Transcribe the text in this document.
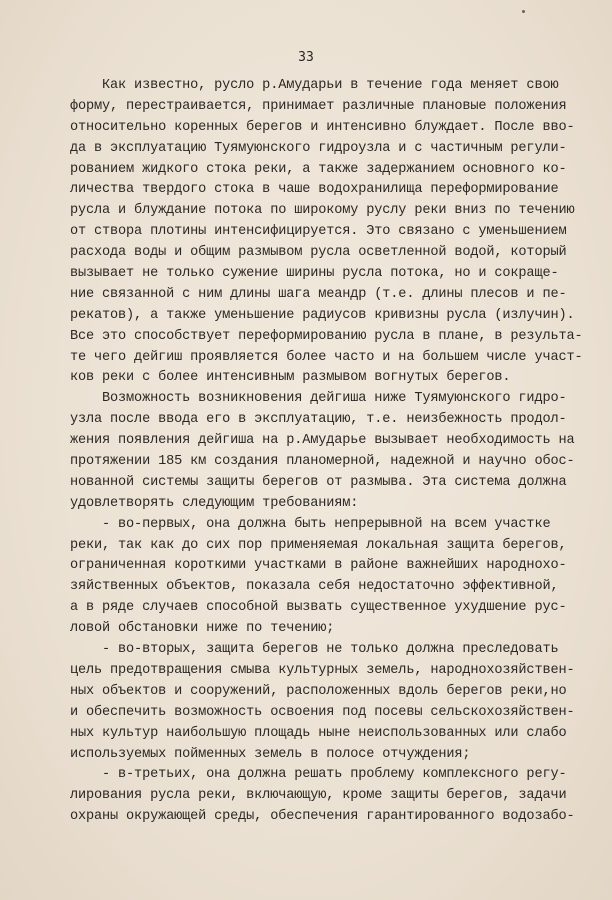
33
Как известно, русло р.Амударьи в течение года меняет свою
форму, перестраивается, принимает различные плановые положения
относительно коренных берегов и интенсивно блуждает. После вво-
да в эксплуатацию Туямуюнского гидроузла и с частичным регули-
рованием жидкого стока реки, а также задержанием основного ко-
личества твердого стока в чаше водохранилища переформирование
русла и блуждание потока по широкому руслу реки вниз по течению
от створа плотины интенсифицируется. Это связано с уменьшением
расхода воды и общим размывом русла осветленной водой, который
вызывает не только сужение ширины русла потока, но и сокраще-
ние связанной с ним длины шага меандр (т.е. длины плесов и пе-
рекатов), а также уменьшение радиусов кривизны русла (излучин).
Все это способствует переформированию русла в плане, в результа-
те чего дейгиш проявляется более часто и на большем числе участ-
ков реки с более интенсивным размывом вогнутых берегов.
Возможность возникновения дейгиша ниже Туямуюнского гидро-
узла после ввода его в эксплуатацию, т.е. неизбежность продол-
жения появления дейгиша на р.Амударье вызывает необходимость на
протяжении 185 км создания планомерной, надежной и научно обос-
нованной системы защиты берегов от размыва. Эта система должна
удовлетворять следующим требованиям:
- во-первых, она должна быть непрерывной на всем участке
реки, так как до сих пор применяемая локальная защита берегов,
ограниченная короткими участками в районе важнейших народнохо-
зяйственных объектов, показала себя недостаточно эффективной,
а в ряде случаев способной вызвать существенное ухудшение рус-
ловой обстановки ниже по течению;
- во-вторых, защита берегов не только должна преследовать
цель предотвращения смыва культурных земель, народнохозяйствен-
ных объектов и сооружений, расположенных вдоль берегов реки,но
и обеспечить возможность освоения под посевы сельскохозяйствен-
ных культур наибольшую площадь ныне неиспользованных или слабо
используемых пойменных земель в полосе отчуждения;
- в-третьих, она должна решать проблему комплексного регу-
лирования русла реки, включающую, кроме защиты берегов, задачи
охраны окружающей среды, обеспечения гарантированного водозабо-
